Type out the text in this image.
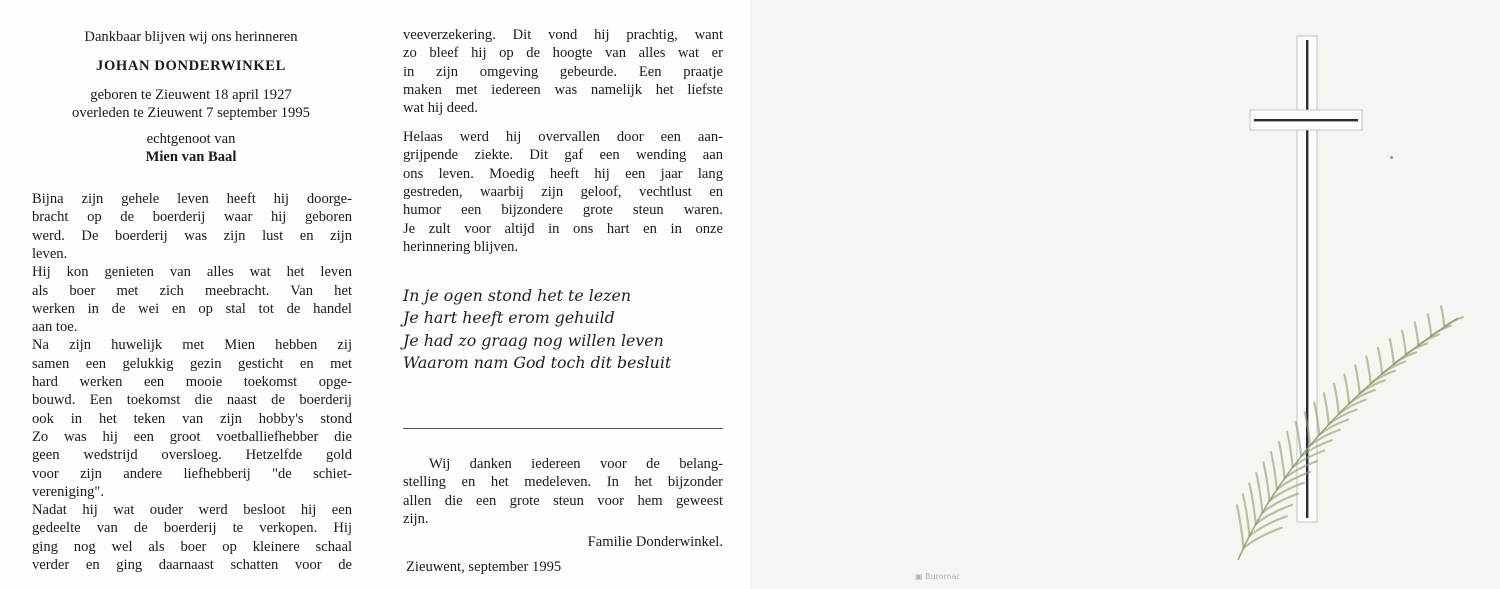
Dankbaar blijven wij ons herinneren
JOHAN DONDERWINKEL
geboren te Zieuwent 18 april 1927
overleden te Zieuwent 7 september 1995
echtgenoot van
Mien van Baal
Bijna zijn gehele leven heeft hij doorge-
bracht op de boerderij waar hij geboren
werd. De boerderij was zijn lust en zijn
leven.
Hij kon genieten van alles wat het leven
als boer met zich meebracht. Van het
werken in de wei en op stal tot de handel
aan toe.
Na zijn huwelijk met Mien hebben zij
samen een gelukkig gezin gesticht en met
hard werken een mooie toekomst opge-
bouwd. Een toekomst die naast de boerderij
ook in het teken van zijn hobby's stond
Zo was hij een groot voetballiefhebber die
geen wedstrijd oversloeg. Hetzelfde gold
voor zijn andere liefhebberij "de schiet-
vereniging".
Nadat hij wat ouder werd besloot hij een
gedeelte van de boerderij te verkopen. Hij
ging nog wel als boer op kleinere schaal
verder en ging daarnaast schatten voor de
veeverzekering. Dit vond hij prachtig, want
zo bleef hij op de hoogte van alles wat er
in zijn omgeving gebeurde. Een praatje
maken met iedereen was namelijk het liefste
wat hij deed.
Helaas werd hij overvallen door een aan-
grijpende ziekte. Dit gaf een wending aan
ons leven. Moedig heeft hij een jaar lang
gestreden, waarbij zijn geloof, vechtlust en
humor een bijzondere grote steun waren.
Je zult voor altijd in ons hart en in onze
herinnering blijven.
In je ogen stond het te lezen
Je hart heeft erom gehuild
Je had zo graag nog willen leven
Waarom nam God toch dit besluit
Wij danken iedereen voor de belang-
stelling en het medeleven. In het bijzonder
allen die een grote steun voor hem geweest
zijn.
Familie Donderwinkel.
Zieuwent, september 1995
▣ Buromac
